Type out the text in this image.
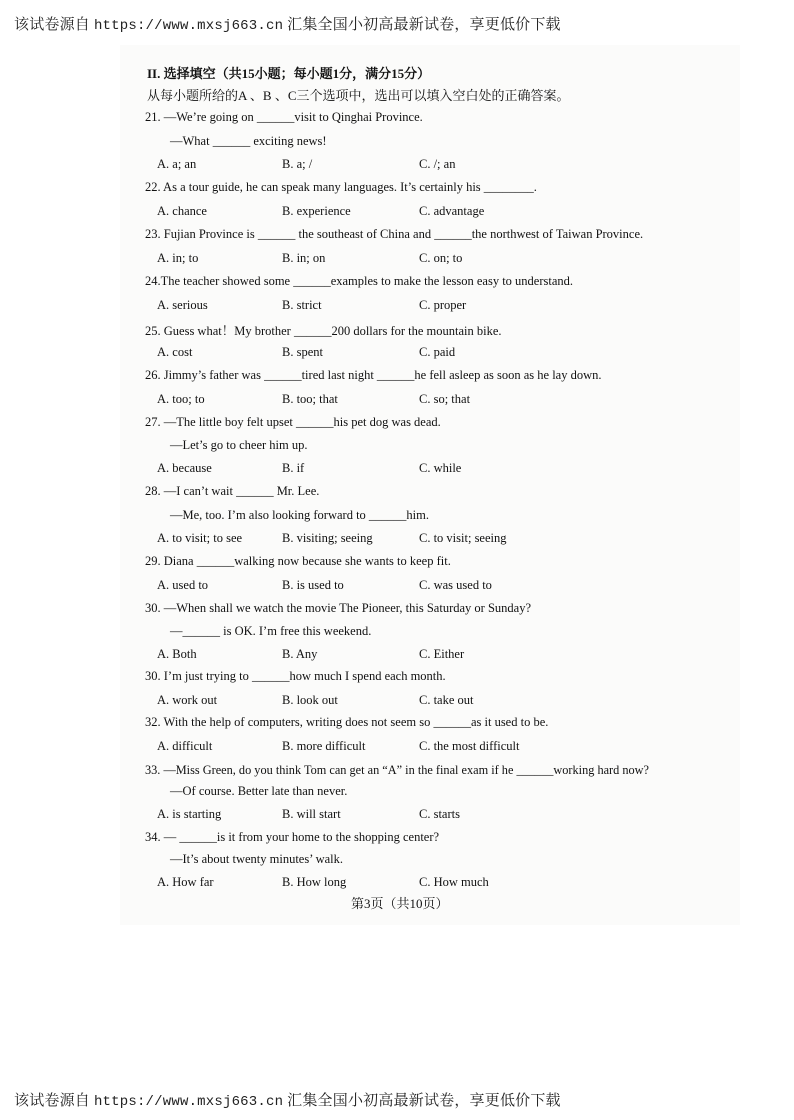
该试卷源自 https://www.mxsj663.cn 汇集全国小初高最新试卷，享更低价下载
II. 选择填空（共15小题；每小题1分，满分15分）
从每小题所给的A 、B 、C三个选项中，选出可以填入空白处的正确答案。
21. —We’re going on ______visit to Qinghai Province.
—What ______ exciting news!
A. a; an	B. a; /	C. /; an
22. As a tour guide, he can speak many languages. It’s certainly his ________.
A. chance	B. experience	C. advantage
23. Fujian Province is ______ the southeast of China and ______the northwest of Taiwan Province.
A. in; to	B. in; on	C. on; to
24.The teacher showed some ______examples to make the lesson easy to understand.
A. serious	B. strict	C. proper
25. Guess what！My brother ______200 dollars for the mountain bike.
A. cost	B. spent	C. paid
26. Jimmy’s father was ______tired last night ______he fell asleep as soon as he lay down.
A. too; to	B. too; that	C. so; that
27. —The little boy felt upset ______his pet dog was dead.
—Let’s go to cheer him up.
A. because	B. if	C. while
28. —I can’t wait ______ Mr. Lee.
—Me, too. I’m also looking forward to ______him.
A. to visit; to see	B. visiting; seeing	C. to visit; seeing
29. Diana ______walking now because she wants to keep fit.
A. used to	B. is used to	C. was used to
30. —When shall we watch the movie The Pioneer, this Saturday or Sunday?
—______ is OK. I’m free this weekend.
A. Both	B. Any	C. Either
30. I’m just trying to ______how much I spend each month.
A. work out	B. look out	C. take out
32. With the help of computers, writing does not seem so ______as it used to be.
A. difficult	B. more difficult	C. the most difficult
33. —Miss Green, do you think Tom can get an “A” in the final exam if he ______working hard now?
—Of course. Better late than never.
A. is starting	B. will start	C. starts
34. — ______is it from your home to the shopping center?
—It’s about twenty minutes’ walk.
A. How far	B. How long	C. How much
第3页（共10页）
该试卷源自 https://www.mxsj663.cn 汇集全国小初高最新试卷，享更低价下载
